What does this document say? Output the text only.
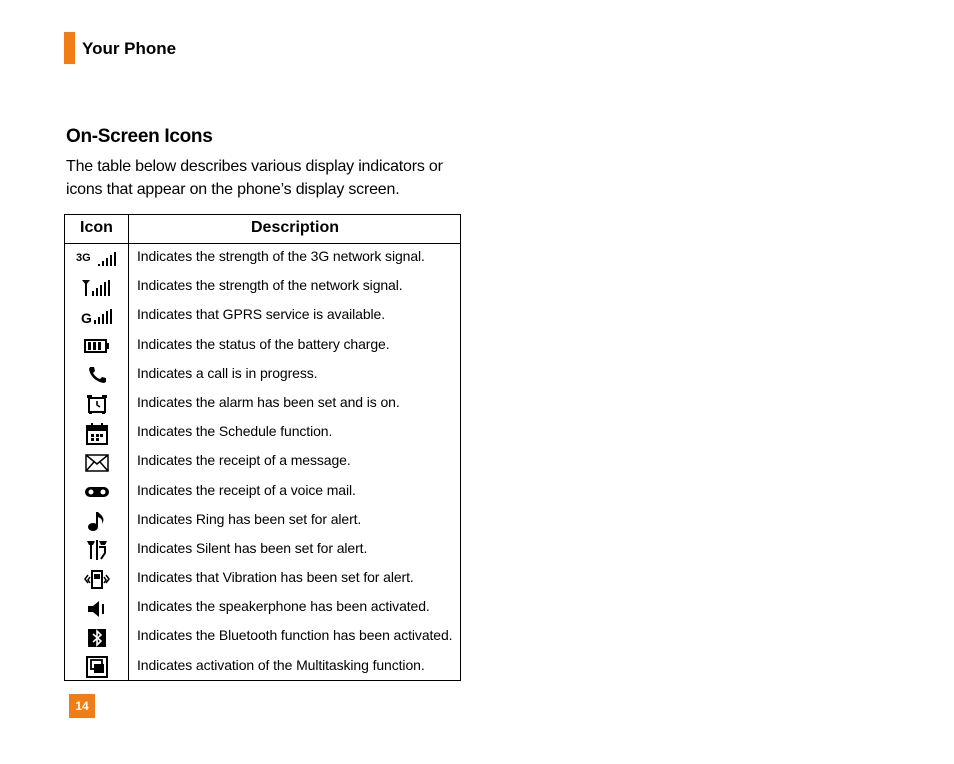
Your Phone
On-Screen Icons
The table below describes various display indicators or icons that appear on the phone’s display screen.
Icon	Description
3G	Indicates the strength of the 3G network signal.
Indicates the strength of the network signal.
G	Indicates that GPRS service is available.
Indicates the status of the battery charge.
Indicates a call is in progress.
Indicates the alarm has been set and is on.
Indicates the Schedule function.
Indicates the receipt of a message.
Indicates the receipt of a voice mail.
Indicates Ring has been set for alert.
Indicates Silent has been set for alert.
Indicates that Vibration has been set for alert.
Indicates the speakerphone has been activated.
Indicates the Bluetooth function has been activated.
Indicates activation of the Multitasking function.
14
